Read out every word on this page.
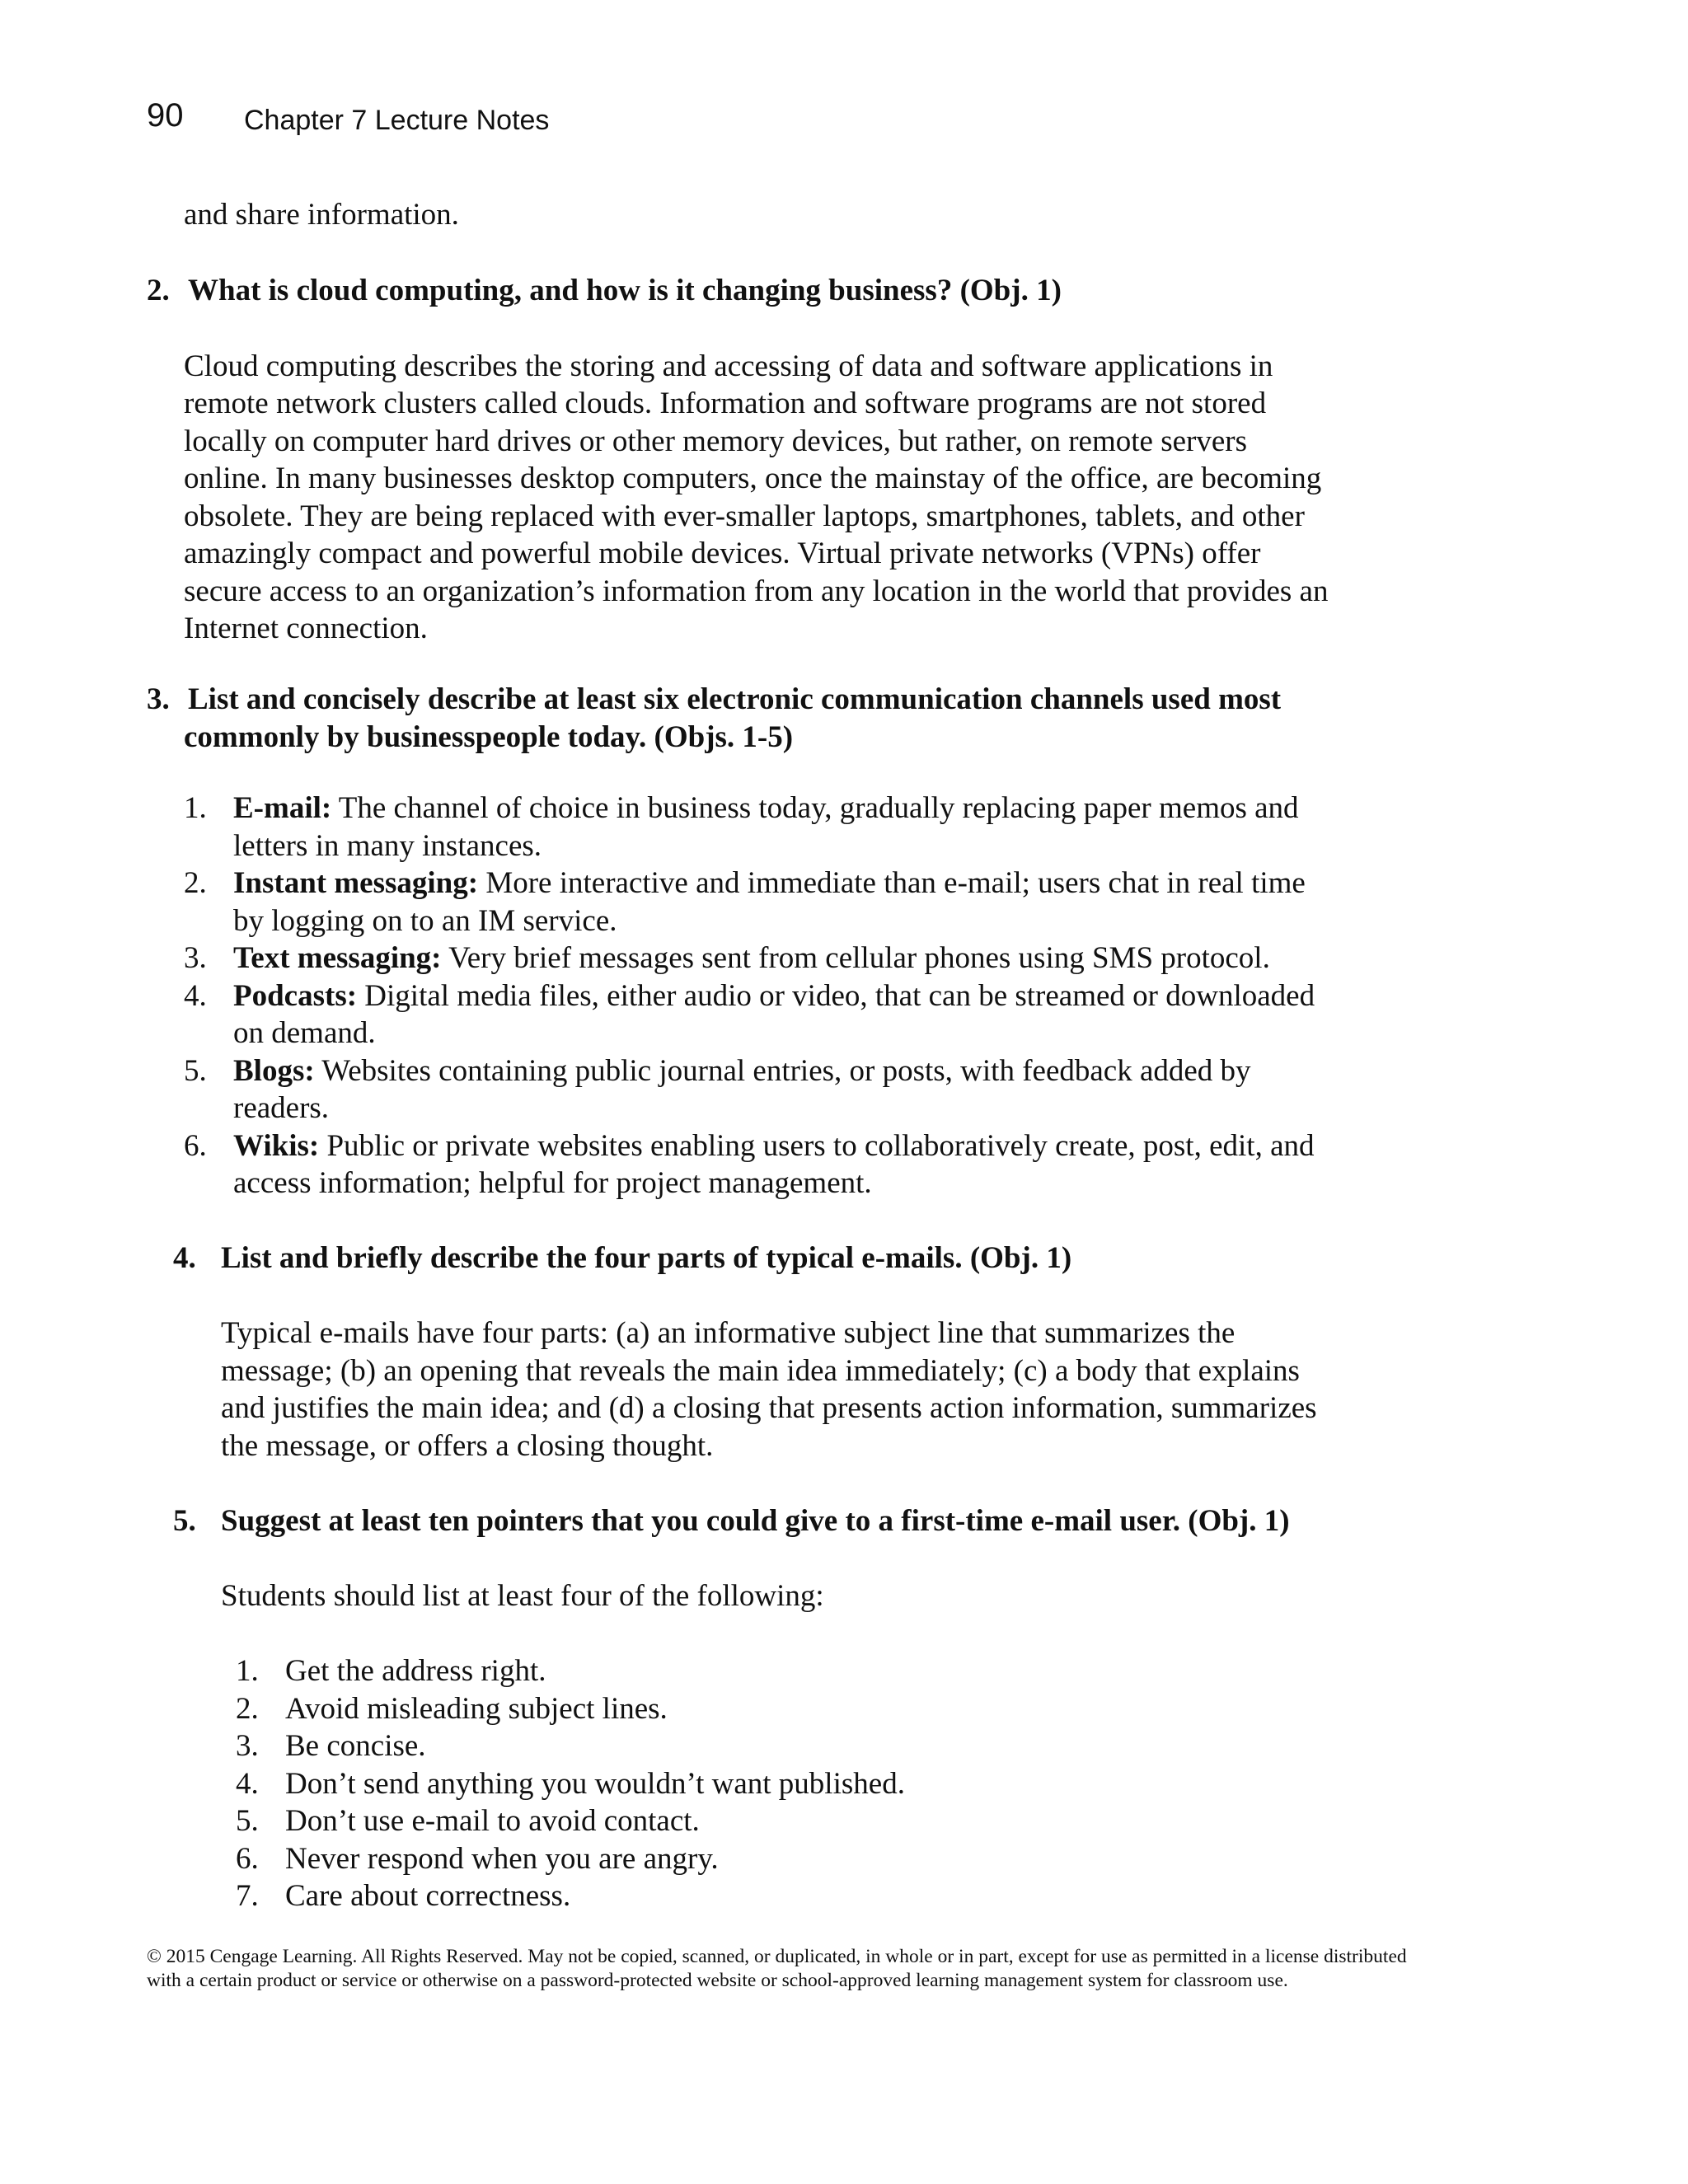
90 Chapter 7 Lecture Notes
and share information.
2. What is cloud computing, and how is it changing business? (Obj. 1)
Cloud computing describes the storing and accessing of data and software applications in
remote network clusters called clouds. Information and software programs are not stored
locally on computer hard drives or other memory devices, but rather, on remote servers
online. In many businesses desktop computers, once the mainstay of the office, are becoming
obsolete. They are being replaced with ever-smaller laptops, smartphones, tablets, and other
amazingly compact and powerful mobile devices. Virtual private networks (VPNs) offer
secure access to an organization’s information from any location in the world that provides an
Internet connection.
3. List and concisely describe at least six electronic communication channels used most
commonly by businesspeople today. (Objs. 1-5)
1. E-mail: The channel of choice in business today, gradually replacing paper memos and
letters in many instances.
2. Instant messaging: More interactive and immediate than e-mail; users chat in real time
by logging on to an IM service.
3. Text messaging: Very brief messages sent from cellular phones using SMS protocol.
4. Podcasts: Digital media files, either audio or video, that can be streamed or downloaded
on demand.
5. Blogs: Websites containing public journal entries, or posts, with feedback added by
readers.
6. Wikis: Public or private websites enabling users to collaboratively create, post, edit, and
access information; helpful for project management.
4. List and briefly describe the four parts of typical e-mails. (Obj. 1)
Typical e-mails have four parts: (a) an informative subject line that summarizes the
message; (b) an opening that reveals the main idea immediately; (c) a body that explains
and justifies the main idea; and (d) a closing that presents action information, summarizes
the message, or offers a closing thought.
5. Suggest at least ten pointers that you could give to a first-time e-mail user. (Obj. 1)
Students should list at least four of the following:
1. Get the address right.
2. Avoid misleading subject lines.
3. Be concise.
4. Don’t send anything you wouldn’t want published.
5. Don’t use e-mail to avoid contact.
6. Never respond when you are angry.
7. Care about correctness.
© 2015 Cengage Learning. All Rights Reserved. May not be copied, scanned, or duplicated, in whole or in part, except for use as permitted in a license distributed with a certain product or service or otherwise on a password-protected website or school-approved learning management system for classroom use.
